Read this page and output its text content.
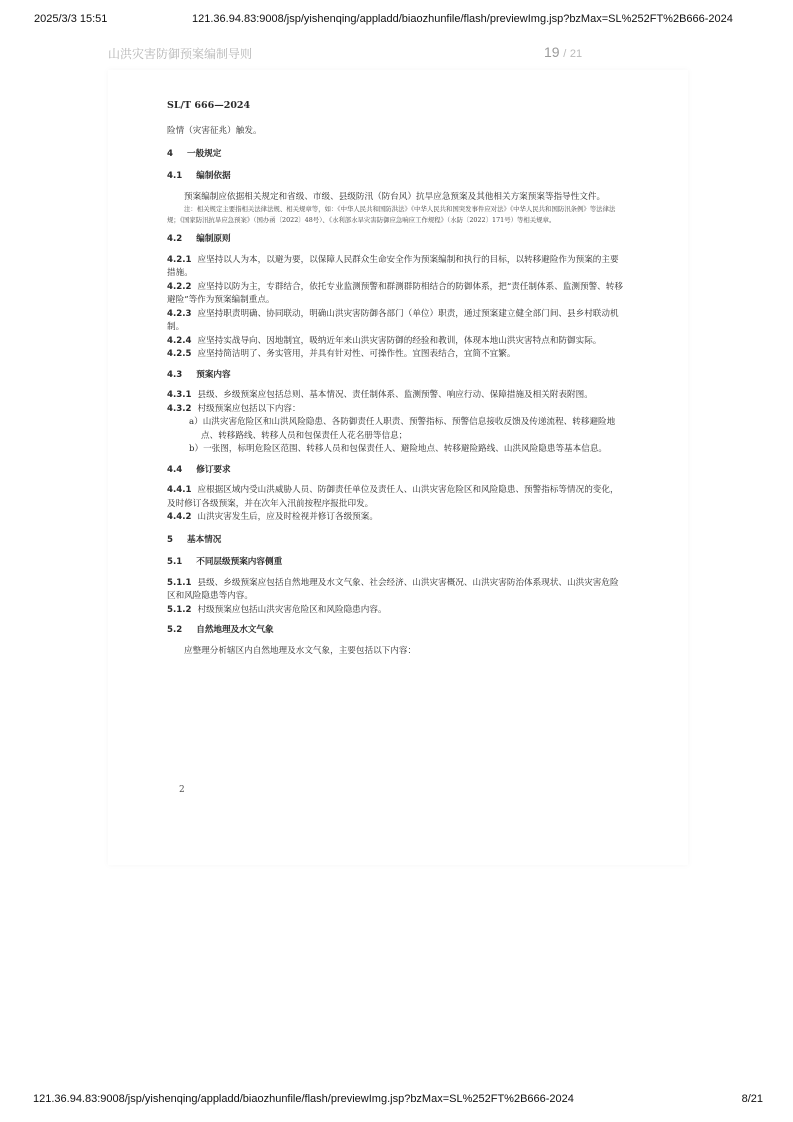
2025/3/3 15:51	121.36.94.83:9008/jsp/yishenqing/appladd/biaozhunfile/flash/previewImg.jsp?bzMax=SL%252FT%2B666-2024
山洪灾害防御预案编制导则	19 / 21
SL/T 666—2024

险情（灾害征兆）触发。

4 一般规定

4.1 编制依据

预案编制应依据相关规定和省级、市级、县级防汛（防台风）抗旱应急预案及其他相关方案预案等指导性文件。

注：相关规定主要指相关法律法规、相关规章等，如：《中华人民共和国防洪法》《中华人民共和国突发事件应对法》《中华人民共和国防汛条例》等法律法规；《国家防汛抗旱应急预案》（国办函〔2022〕48号）、《水利部水旱灾害防御应急响应工作规程》（水防〔2022〕171号）等相关规章。

4.2 编制原则

4.2.1 应坚持以人为本，以避为要，以保障人民群众生命安全作为预案编制和执行的目标，以转移避险作为预案的主要措施。

4.2.2 应坚持以防为主，专群结合，依托专业监测预警和群测群防相结合的防御体系，把“责任制体系、监测预警、转移避险”等作为预案编制重点。

4.2.3 应坚持职责明确、协同联动，明确山洪灾害防御各部门（单位）职责，通过预案建立健全部门间、县乡村联动机制。

4.2.4 应坚持实战导向、因地制宜，吸纳近年来山洪灾害防御的经验和教训，体现本地山洪灾害特点和防御实际。

4.2.5 应坚持简洁明了、务实管用，并具有针对性、可操作性。宜图表结合，宜简不宜繁。

4.3 预案内容

4.3.1 县级、乡级预案应包括总则、基本情况、责任制体系、监测预警、响应行动、保障措施及相关附表附图。

4.3.2 村级预案应包括以下内容：

a）山洪灾害危险区和山洪风险隐患、各防御责任人职责、预警指标、预警信息接收反馈及传递流程、转移避险地点、转移路线、转移人员和包保责任人花名册等信息；

b）一张图，标明危险区范围、转移人员和包保责任人、避险地点、转移避险路线、山洪风险隐患等基本信息。

4.4 修订要求

4.4.1 应根据区域内受山洪威胁人员、防御责任单位及责任人、山洪灾害危险区和风险隐患、预警指标等情况的变化，及时修订各级预案，并在次年入汛前按程序报批印发。

4.4.2 山洪灾害发生后，应及时检视并修订各级预案。

5 基本情况

5.1 不同层级预案内容侧重

5.1.1 县级、乡级预案应包括自然地理及水文气象、社会经济、山洪灾害概况、山洪灾害防治体系现状、山洪灾害危险区和风险隐患等内容。

5.1.2 村级预案应包括山洪灾害危险区和风险隐患内容。

5.2 自然地理及水文气象

应整理分析辖区内自然地理及水文气象，主要包括以下内容：

2
121.36.94.83:9008/jsp/yishenqing/appladd/biaozhunfile/flash/previewImg.jsp?bzMax=SL%252FT%2B666-2024	8/21
